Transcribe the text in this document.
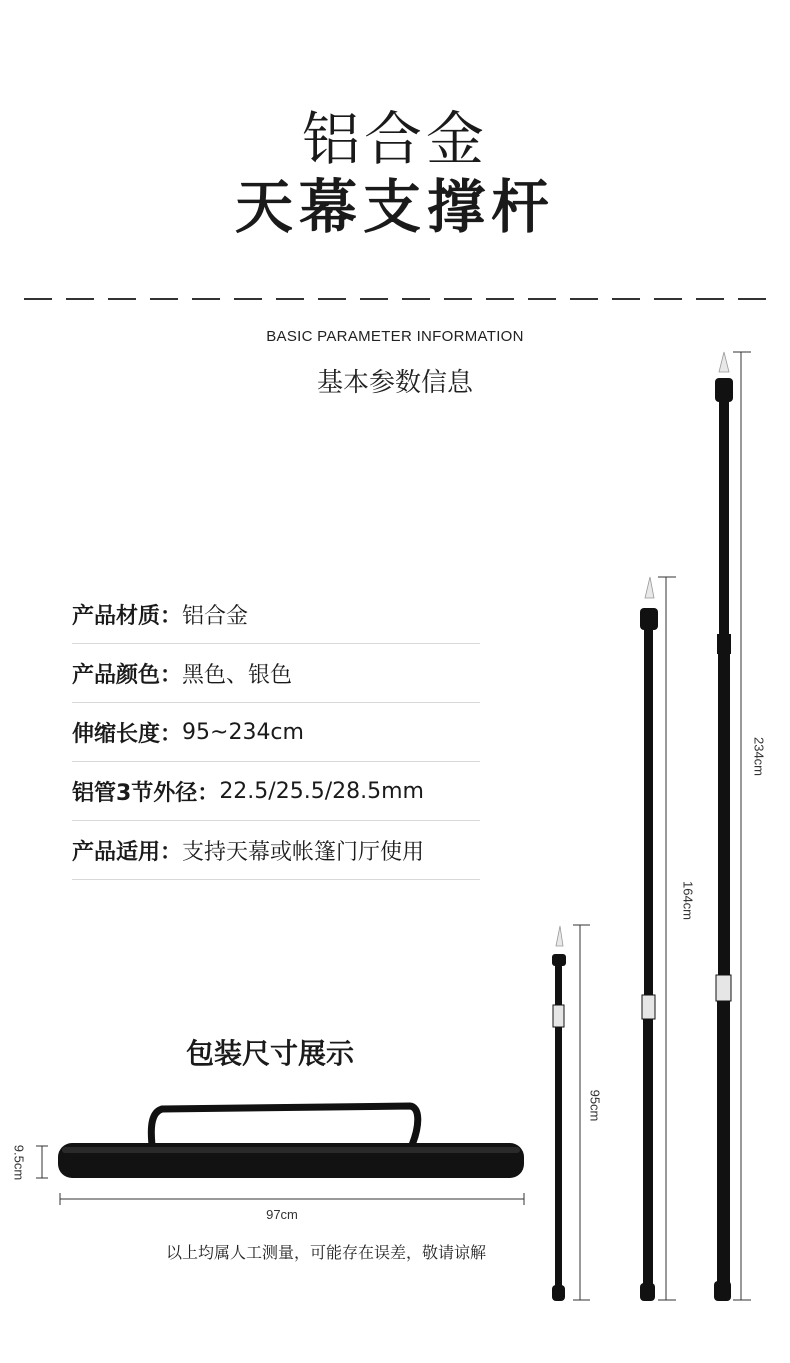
铝合金
天幕支撑杆
BASIC PARAMETER INFORMATION
基本参数信息
产品材质： 铝合金
产品颜色： 黑色、银色
伸缩长度： 95~234cm
铝管3节外径： 22.5/25.5/28.5mm
产品适用： 支持天幕或帐篷门厅使用
95cm
164cm
234cm
9.5cm
97cm
包装尺寸展示
以上均属人工测量，可能存在误差，敬请谅解
